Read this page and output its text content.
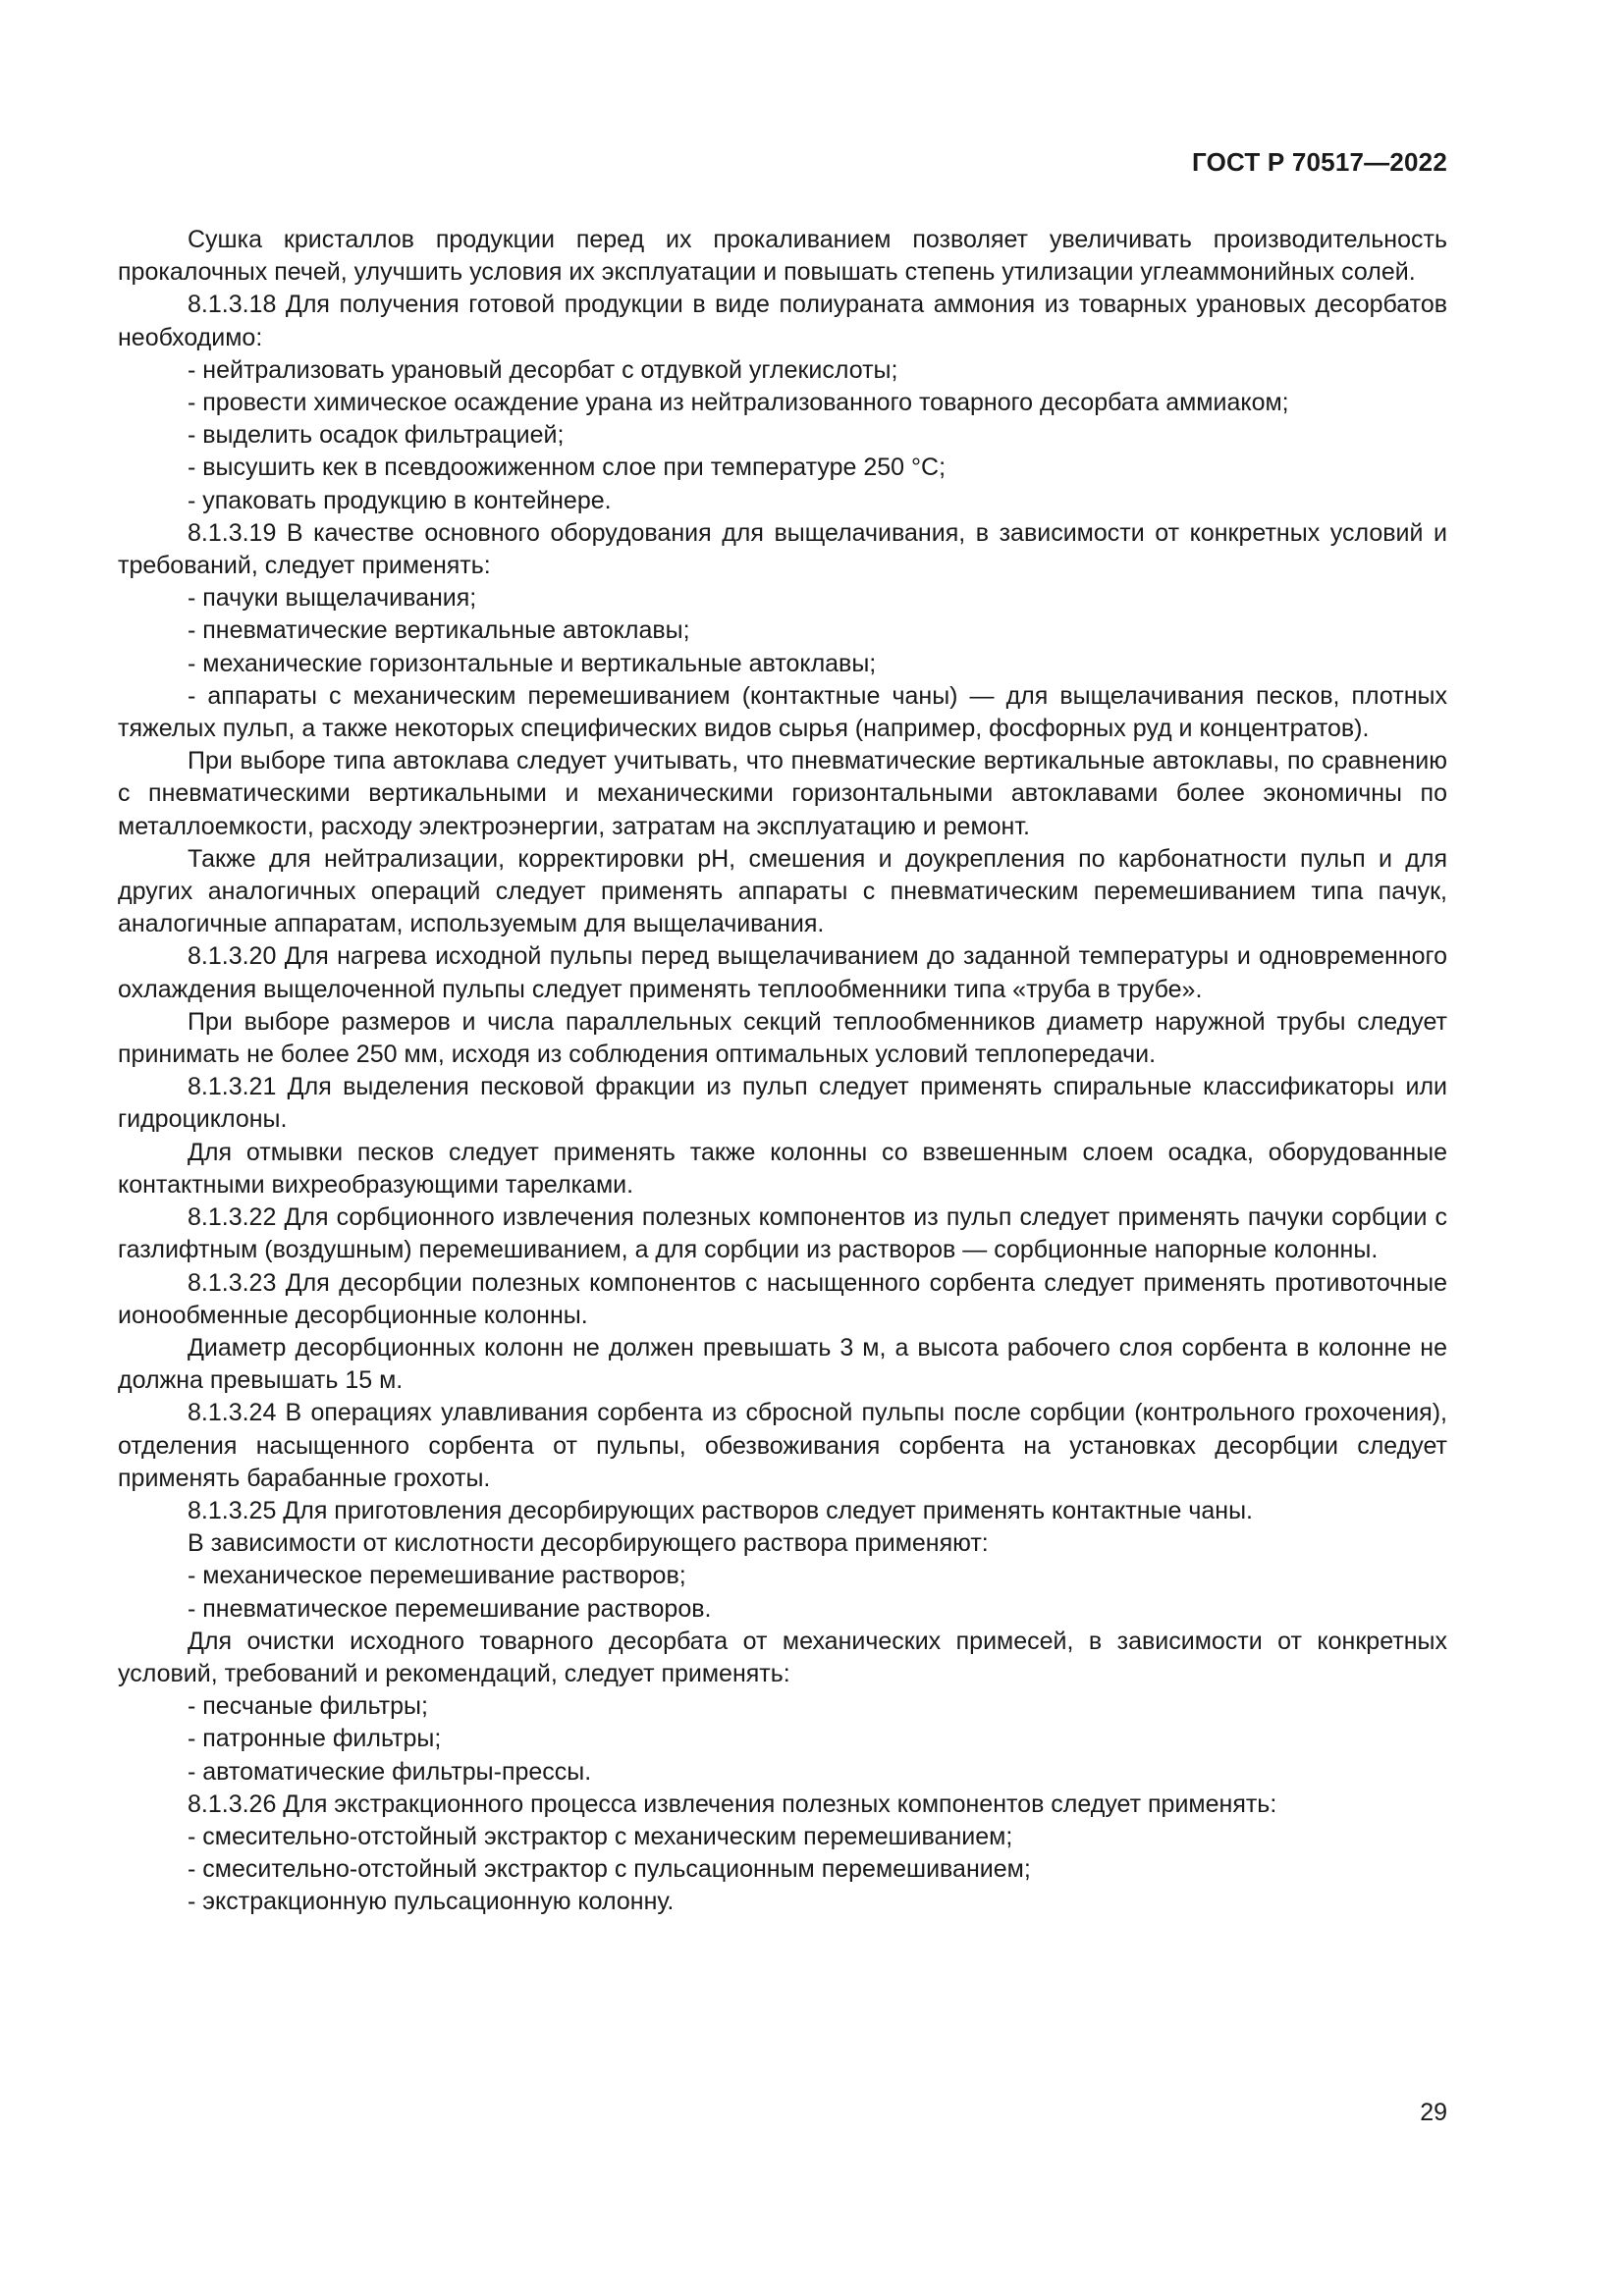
ГОСТ Р 70517—2022

Сушка кристаллов продукции перед их прокаливанием позволяет увеличивать производительность прокалочных печей, улучшить условия их эксплуатации и повышать степень утилизации углеаммонийных солей.

8.1.3.18 Для получения готовой продукции в виде полиураната аммония из товарных урановых десорбатов необходимо:

- нейтрализовать урановый десорбат с отдувкой углекислоты;

- провести химическое осаждение урана из нейтрализованного товарного десорбата аммиаком;

- выделить осадок фильтрацией;

- высушить кек в псевдоожиженном слое при температуре 250 °С;

- упаковать продукцию в контейнере.

8.1.3.19 В качестве основного оборудования для выщелачивания, в зависимости от конкретных условий и требований, следует применять:

- пачуки выщелачивания;

- пневматические вертикальные автоклавы;

- механические горизонтальные и вертикальные автоклавы;

- аппараты с механическим перемешиванием (контактные чаны) — для выщелачивания песков, плотных тяжелых пульп, а также некоторых специфических видов сырья (например, фосфорных руд и концентратов).

При выборе типа автоклава следует учитывать, что пневматические вертикальные автоклавы, по сравнению с пневматическими вертикальными и механическими горизонтальными автоклавами более экономичны по металлоемкости, расходу электроэнергии, затратам на эксплуатацию и ремонт.

Также для нейтрализации, корректировки рН, смешения и доукрепления по карбонатности пульп и для других аналогичных операций следует применять аппараты с пневматическим перемешиванием типа пачук, аналогичные аппаратам, используемым для выщелачивания.

8.1.3.20 Для нагрева исходной пульпы перед выщелачиванием до заданной температуры и одновременного охлаждения выщелоченной пульпы следует применять теплообменники типа «труба в трубе».

При выборе размеров и числа параллельных секций теплообменников диаметр наружной трубы следует принимать не более 250 мм, исходя из соблюдения оптимальных условий теплопередачи.

8.1.3.21 Для выделения песковой фракции из пульп следует применять спиральные классификаторы или гидроциклоны.

Для отмывки песков следует применять также колонны со взвешенным слоем осадка, оборудованные контактными вихреобразующими тарелками.

8.1.3.22 Для сорбционного извлечения полезных компонентов из пульп следует применять пачуки сорбции с газлифтным (воздушным) перемешиванием, а для сорбции из растворов — сорбционные напорные колонны.

8.1.3.23 Для десорбции полезных компонентов с насыщенного сорбента следует применять противоточные ионообменные десорбционные колонны.

Диаметр десорбционных колонн не должен превышать 3 м, а высота рабочего слоя сорбента в колонне не должна превышать 15 м.

8.1.3.24 В операциях улавливания сорбента из сбросной пульпы после сорбции (контрольного грохочения), отделения насыщенного сорбента от пульпы, обезвоживания сорбента на установках десорбции следует применять барабанные грохоты.

8.1.3.25 Для приготовления десорбирующих растворов следует применять контактные чаны.

В зависимости от кислотности десорбирующего раствора применяют:

- механическое перемешивание растворов;

- пневматическое перемешивание растворов.

Для очистки исходного товарного десорбата от механических примесей, в зависимости от конкретных условий, требований и рекомендаций, следует применять:

- песчаные фильтры;

- патронные фильтры;

- автоматические фильтры-прессы.

8.1.3.26 Для экстракционного процесса извлечения полезных компонентов следует применять:

- смесительно-отстойный экстрактор с механическим перемешиванием;

- смесительно-отстойный экстрактор с пульсационным перемешиванием;

- экстракционную пульсационную колонну.

29
